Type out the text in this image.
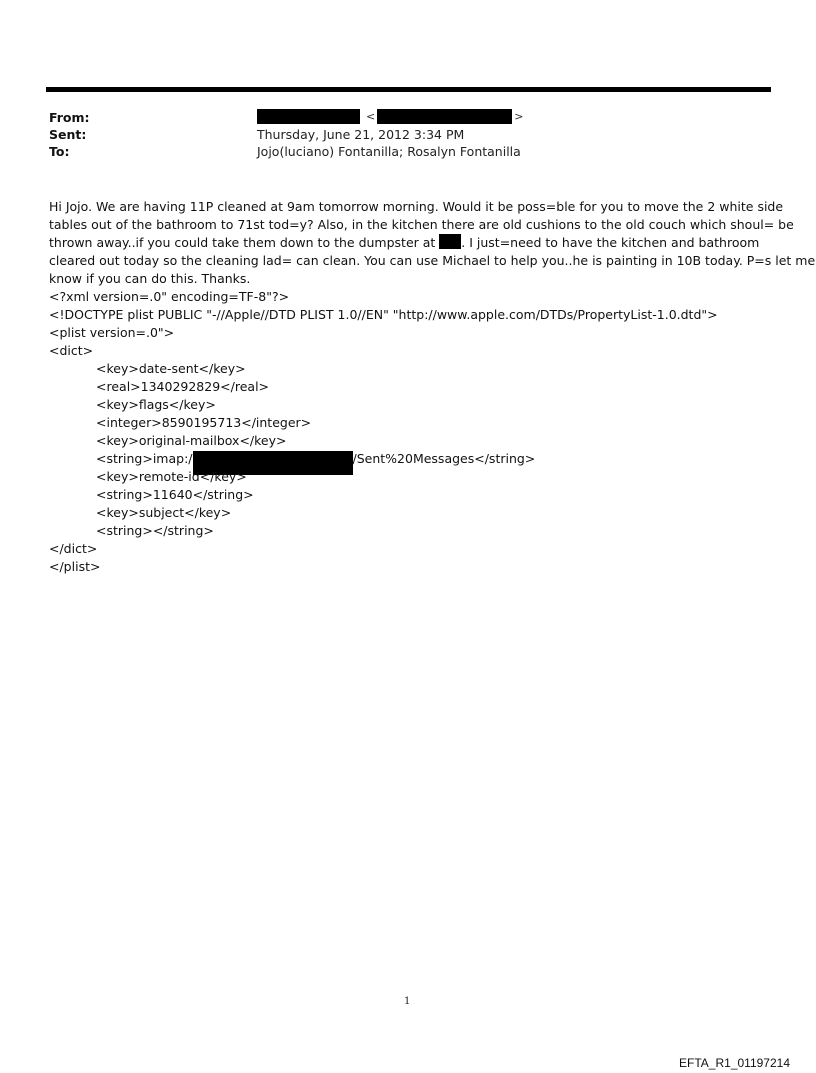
From:
Sent:
To:
<	>
Thursday, June 21, 2012 3:34 PM
Jojo(luciano) Fontanilla; Rosalyn Fontanilla
Hi Jojo. We are having 11P cleaned at 9am tomorrow morning. Would it be poss=ble for you to move the 2 white side
tables out of the bathroom to 71st tod=y? Also, in the kitchen there are old cushions to the old couch which shoul= be
thrown away..if you could take them down to the dumpster at . I just=need to have the kitchen and bathroom
cleared out today so the cleaning lad= can clean. You can use Michael to help you..he is painting in 10B today. P=s let me
know if you can do this. Thanks.
<?xml version=.0" encoding=TF-8"?>
<!DOCTYPE plist PUBLIC "-//Apple//DTD PLIST 1.0//EN" "http://www.apple.com/DTDs/PropertyList-1.0.dtd">
<plist version=.0">
<dict>
<key>date-sent</key>
<real>1340292829</real>
<key>flags</key>
<integer>8590195713</integer>
<key>original-mailbox</key>
<string>imap:/	/Sent%20Messages</string>
<key>remote-id</key>
<string>11640</string>
<key>subject</key>
<string></string>
</dict>
</plist>
1
EFTA_R1_01197214
